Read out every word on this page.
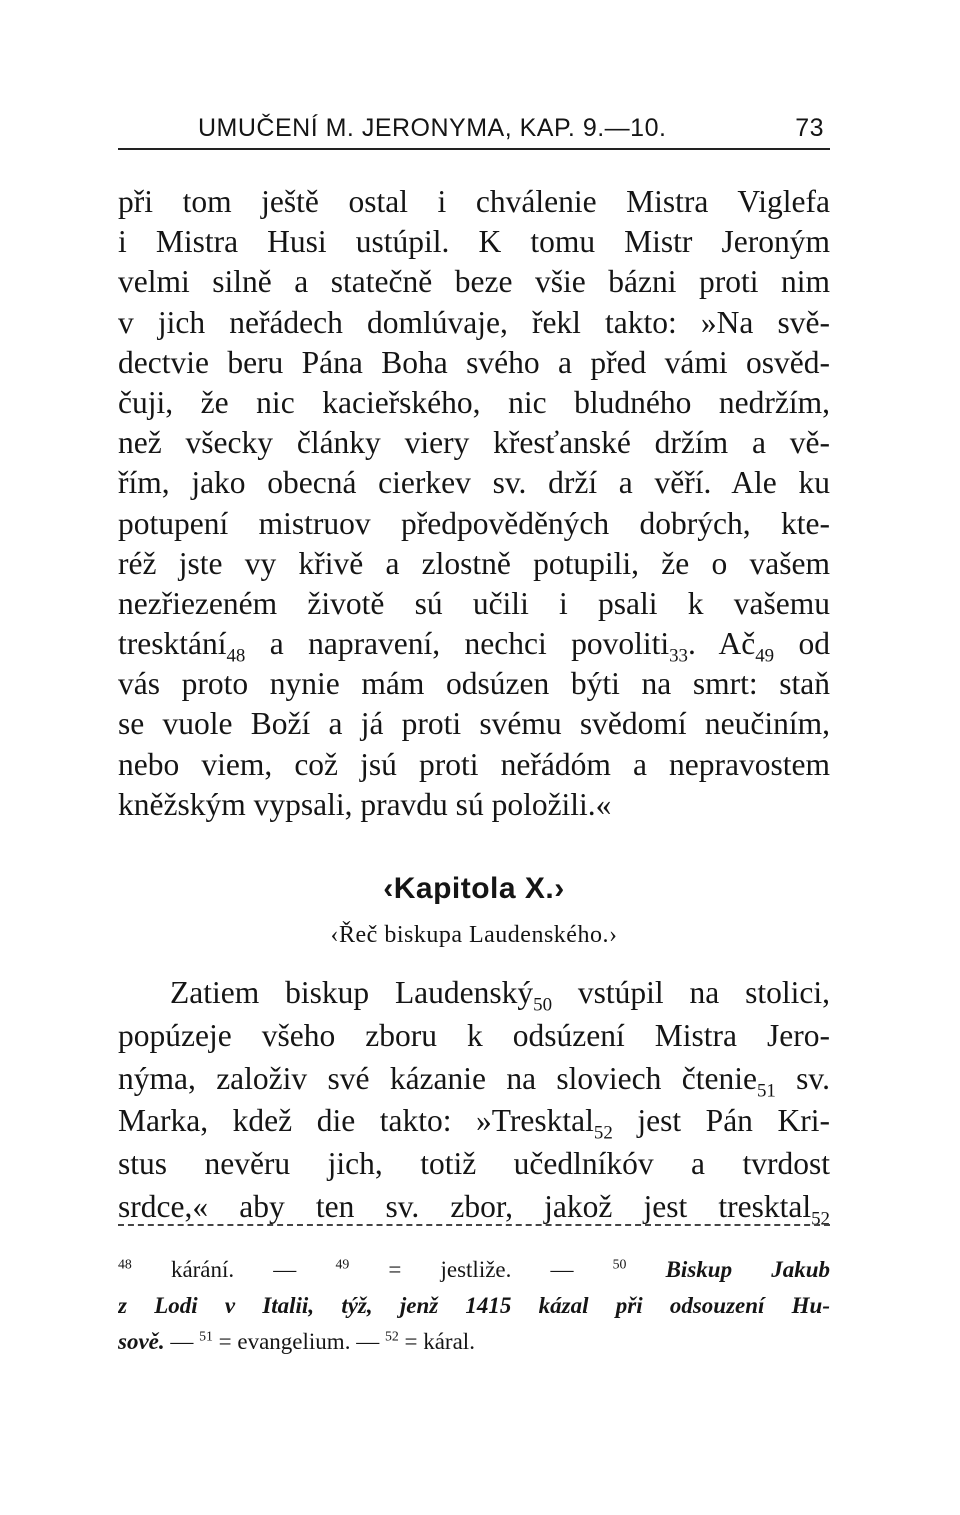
UMUČENÍ M. JERONYMA, KAP. 9.—10.	73
při tom ještě ostal i chválenie Mistra Viglefa
i Mistra Husi ustúpil. K tomu Mistr Jeroným
velmi silně a statečně beze všie bázni proti nim
v jich neřádech domlúvaje, řekl takto: »Na svě-
dectvie beru Pána Boha svého a před vámi osvěd-
čuji, že nic kacieřského, nic bludného nedržím,
než všecky články viery křesťanské držím a vě-
řím, jako obecná cierkev sv. drží a věří. Ale ku
potupení mistruov předpověděných dobrých, kte-
réž jste vy křivě a zlostně potupili, že o vašem
nezřiezeném životě sú učili i psali k vašemu
tresktání$_{48}$ a napravení, nechci povoliti$_{33}$. $Ač_{49}$ od
vás proto nynie mám odsúzen býti na smrt: staň
se vuole Boží a já proti svému svědomí neučiním,
nebo viem, což jsú proti neřádóm a nepravostem
kněžským vypsali, pravdu sú položili.«
‹Kapitola X.›
‹Řeč biskupa Laudenského.›
Zatiem biskup Laudenský$_{50}$ vstúpil na stolici,
popúzeje všeho zboru k odsúzení Mistra Jero-
nýma, založiv své kázanie na sloviech čtenie$_{51}$ sv.
Marka, kdež die takto: »Tresktal$_{52}$ jest Pán Kri-
stus nevěru jich, totiž učedlníkóv a tvrdost
srdce,« aby ten sv. zbor, jakož jest tresktal$_{52}$
$^{48}$ kárání. — $^{49}$ = jestliže. — $^{50}$ Biskup Jakub
z Lodi v Italii, týž, jenž 1415 kázal při odsouzení Hu-
sově. — $^{51}$ = evangelium. — $^{52}$ = káral.
